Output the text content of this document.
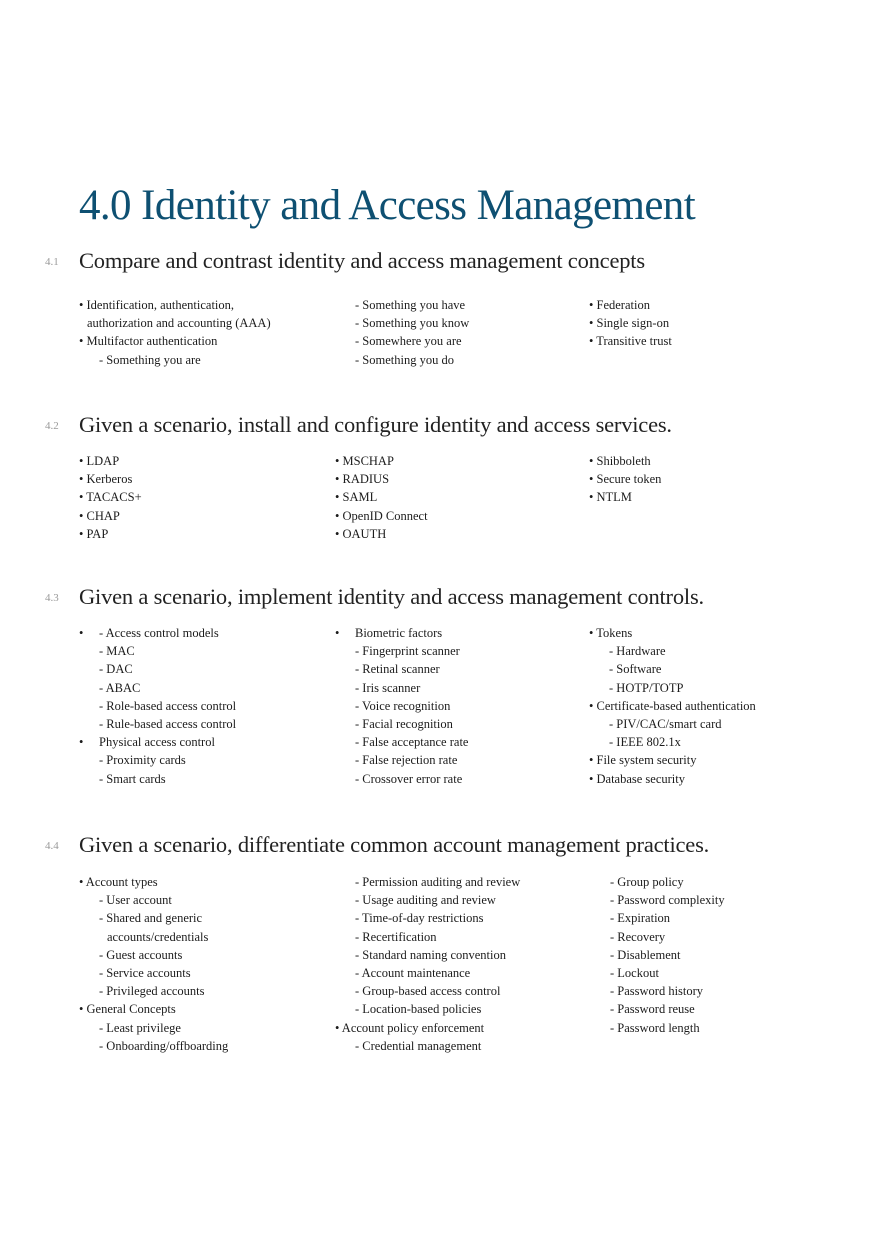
4.0 Identity and Access Management
4.1 Compare and contrast identity and access management concepts
• Identification, authentication,
authorization and accounting (AAA)
• Multifactor authentication
- Something you are
- Something you have
- Something you know
- Somewhere you are
- Something you do
• Federation
• Single sign-on
• Transitive trust
4.2 Given a scenario, install and configure identity and access services.
• LDAP
• Kerberos
• TACACS+
• CHAP
• PAP
• MSCHAP
• RADIUS
• SAML
• OpenID Connect
• OAUTH
• Shibboleth
• Secure token
• NTLM
4.3 Given a scenario, implement identity and access management controls.
• - Access control models
- MAC
- DAC
- ABAC
- Role-based access control
- Rule-based access control
• Physical access control
- Proximity cards
- Smart cards
• Biometric factors
- Fingerprint scanner
- Retinal scanner
- Iris scanner
- Voice recognition
- Facial recognition
- False acceptance rate
- False rejection rate
- Crossover error rate
• Tokens
- Hardware
- Software
- HOTP/TOTP
• Certificate-based authentication
- PIV/CAC/smart card
- IEEE 802.1x
• File system security
• Database security
4.4 Given a scenario, differentiate common account management practices.
• Account types
- User account
- Shared and generic
accounts/credentials
- Guest accounts
- Service accounts
- Privileged accounts
• General Concepts
- Least privilege
- Onboarding/offboarding
- Permission auditing and review
- Usage auditing and review
- Time-of-day restrictions
- Recertification
- Standard naming convention
- Account maintenance
- Group-based access control
- Location-based policies
• Account policy enforcement
- Credential management
- Group policy
- Password complexity
- Expiration
- Recovery
- Disablement
- Lockout
- Password history
- Password reuse
- Password length
